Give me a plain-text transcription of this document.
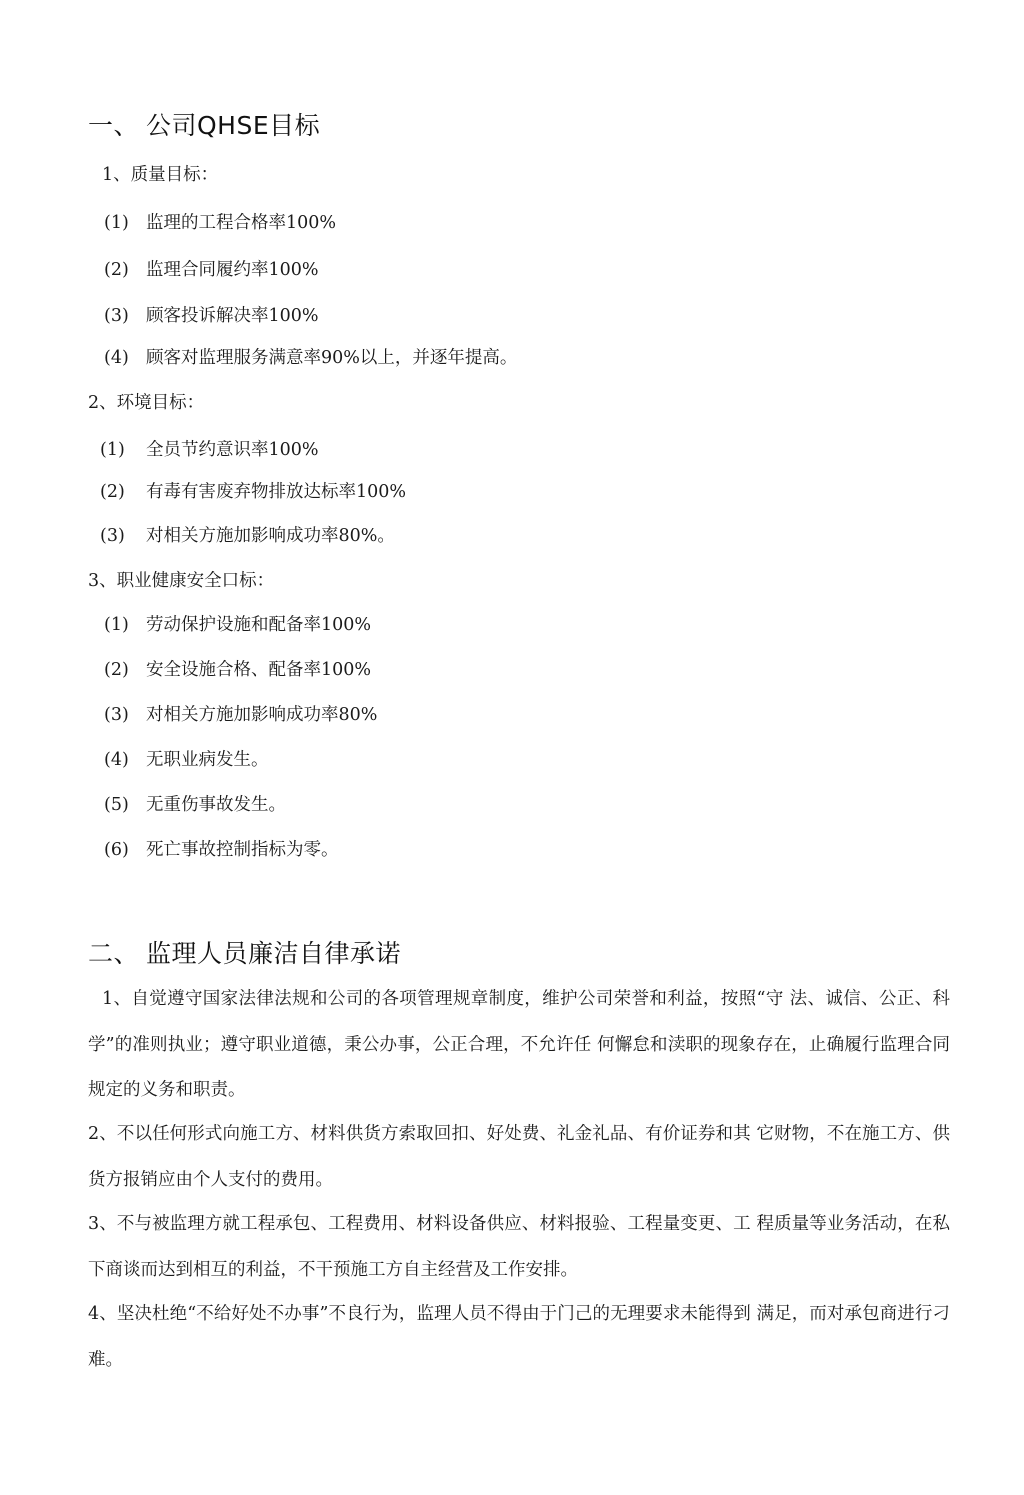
一、 公司QHSE目标
1、质量目标：
(1) 监理的工程合格率100%
(2) 监理合同履约率100%
(3) 顾客投诉解决率100%
(4) 顾客对监理服务满意率90%以上，并逐年提高。
2、环境目标：
(1) 全员节约意识率100%
(2) 有毒有害废弃物排放达标率100%
(3) 对相关方施加影响成功率80%。
3、职业健康安全口标：
(1) 劳动保护设施和配备率100%
(2) 安全设施合格、配备率100%
(3) 对相关方施加影响成功率80%
(4) 无职业病发生。
(5) 无重伤事故发生。
(6) 死亡事故控制指标为零。
二、 监理人员廉洁自律承诺
1、自觉遵守国家法律法规和公司的各项管理规章制度，维护公司荣誉和利益，按照“守 法、诚信、公正、科学”的准则执业；遵守职业道德，秉公办事，公正合理，不允许任 何懈怠和渎职的现象存在，止确履行监理合同规定的义务和职责。
2、不以任何形式向施工方、材料供货方索取回扣、好处费、礼金礼品、有价证券和其 它财物，不在施工方、供货方报销应由个人支付的费用。
3、不与被监理方就工程承包、工程费用、材料设备供应、材料报验、工程量变更、工 程质量等业务活动，在私下商谈而达到相互的利益，不干预施工方自主经营及工作安排。
4、坚决杜绝“不给好处不办事”不良行为，监理人员不得由于门己的无理要求未能得到 满足，而对承包商进行刁难。
